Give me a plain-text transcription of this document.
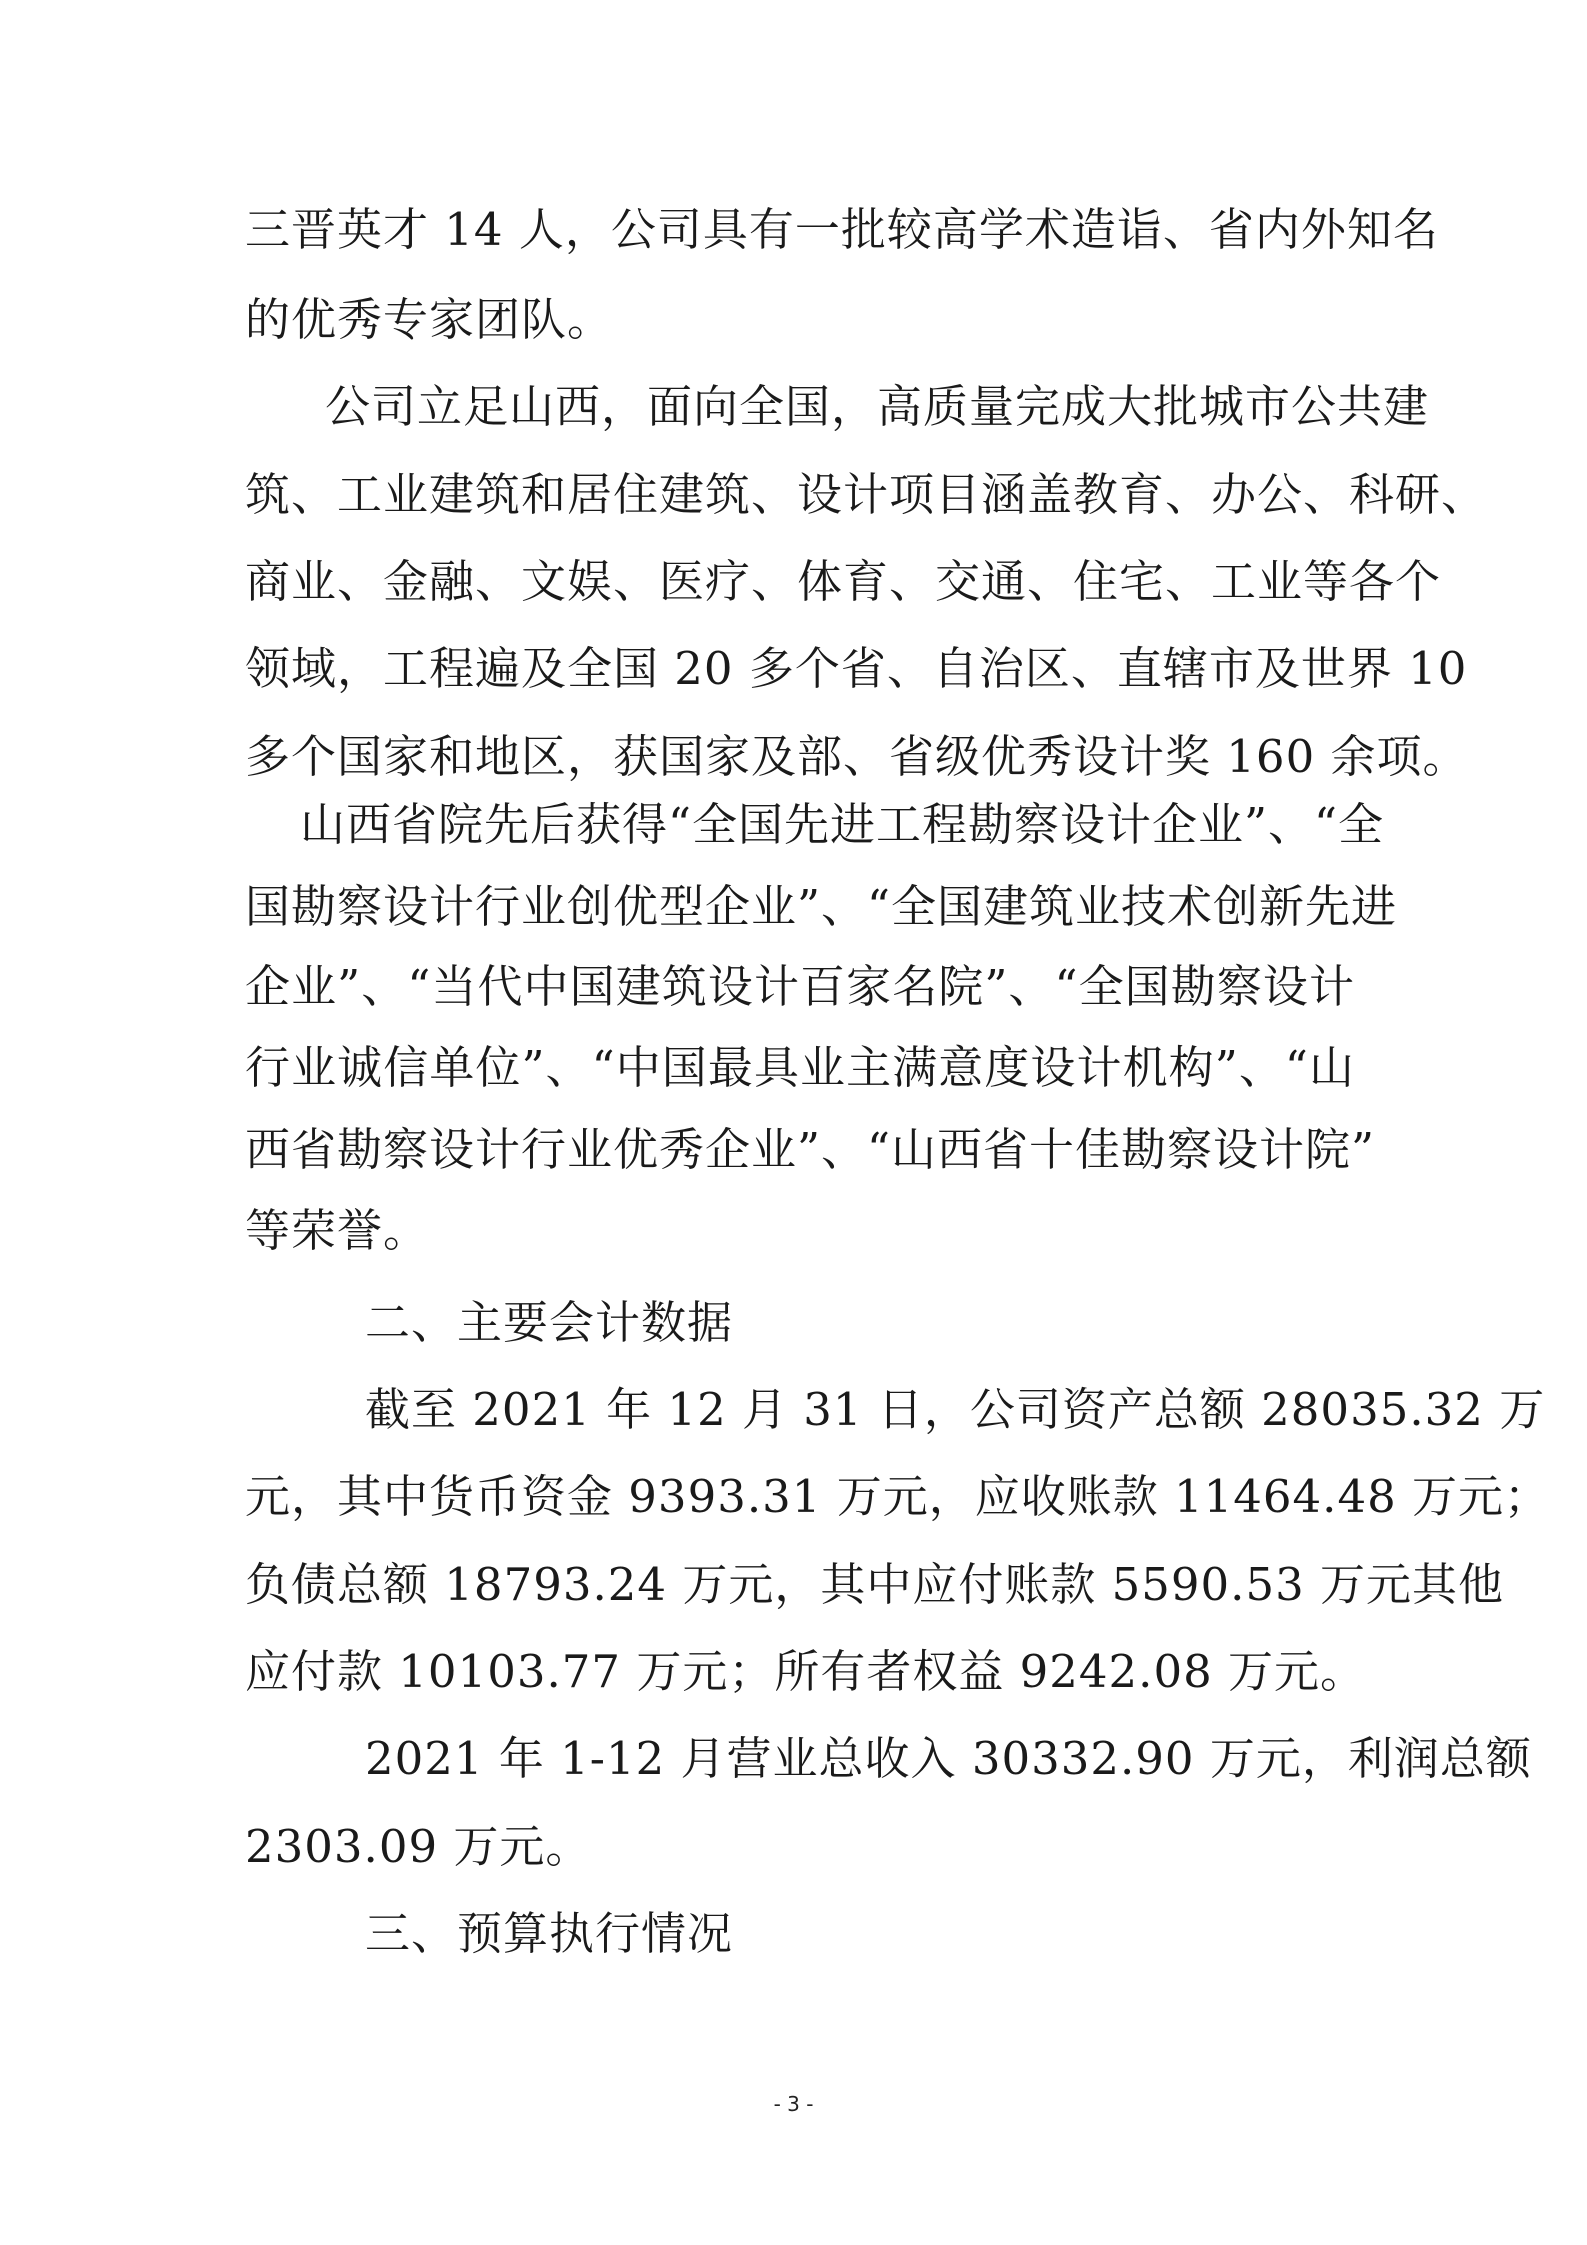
三晋英才 14 人，公司具有一批较高学术造诣、省内外知名
的优秀专家团队。
公司立足山西，面向全国，高质量完成大批城市公共建
筑、工业建筑和居住建筑、设计项目涵盖教育、办公、科研、
商业、金融、文娱、医疗、体育、交通、住宅、工业等各个
领域，工程遍及全国 20 多个省、自治区、直辖市及世界 10
多个国家和地区，获国家及部、省级优秀设计奖 160 余项。
山西省院先后获得“全国先进工程勘察设计企业”、“全
国勘察设计行业创优型企业”、“全国建筑业技术创新先进
企业”、“当代中国建筑设计百家名院”、“全国勘察设计
行业诚信单位”、“中国最具业主满意度设计机构”、“山
西省勘察设计行业优秀企业”、“山西省十佳勘察设计院”
等荣誉。
二、主要会计数据
截至 2021 年 12 月 31 日，公司资产总额 28035.32 万
元，其中货币资金 9393.31 万元，应收账款 11464.48 万元；
负债总额 18793.24 万元，其中应付账款 5590.53 万元其他
应付款 10103.77 万元；所有者权益 9242.08 万元。
2021 年 1-12 月营业总收入 30332.90 万元，利润总额
2303.09 万元。
三、预算执行情况
- 3 -
